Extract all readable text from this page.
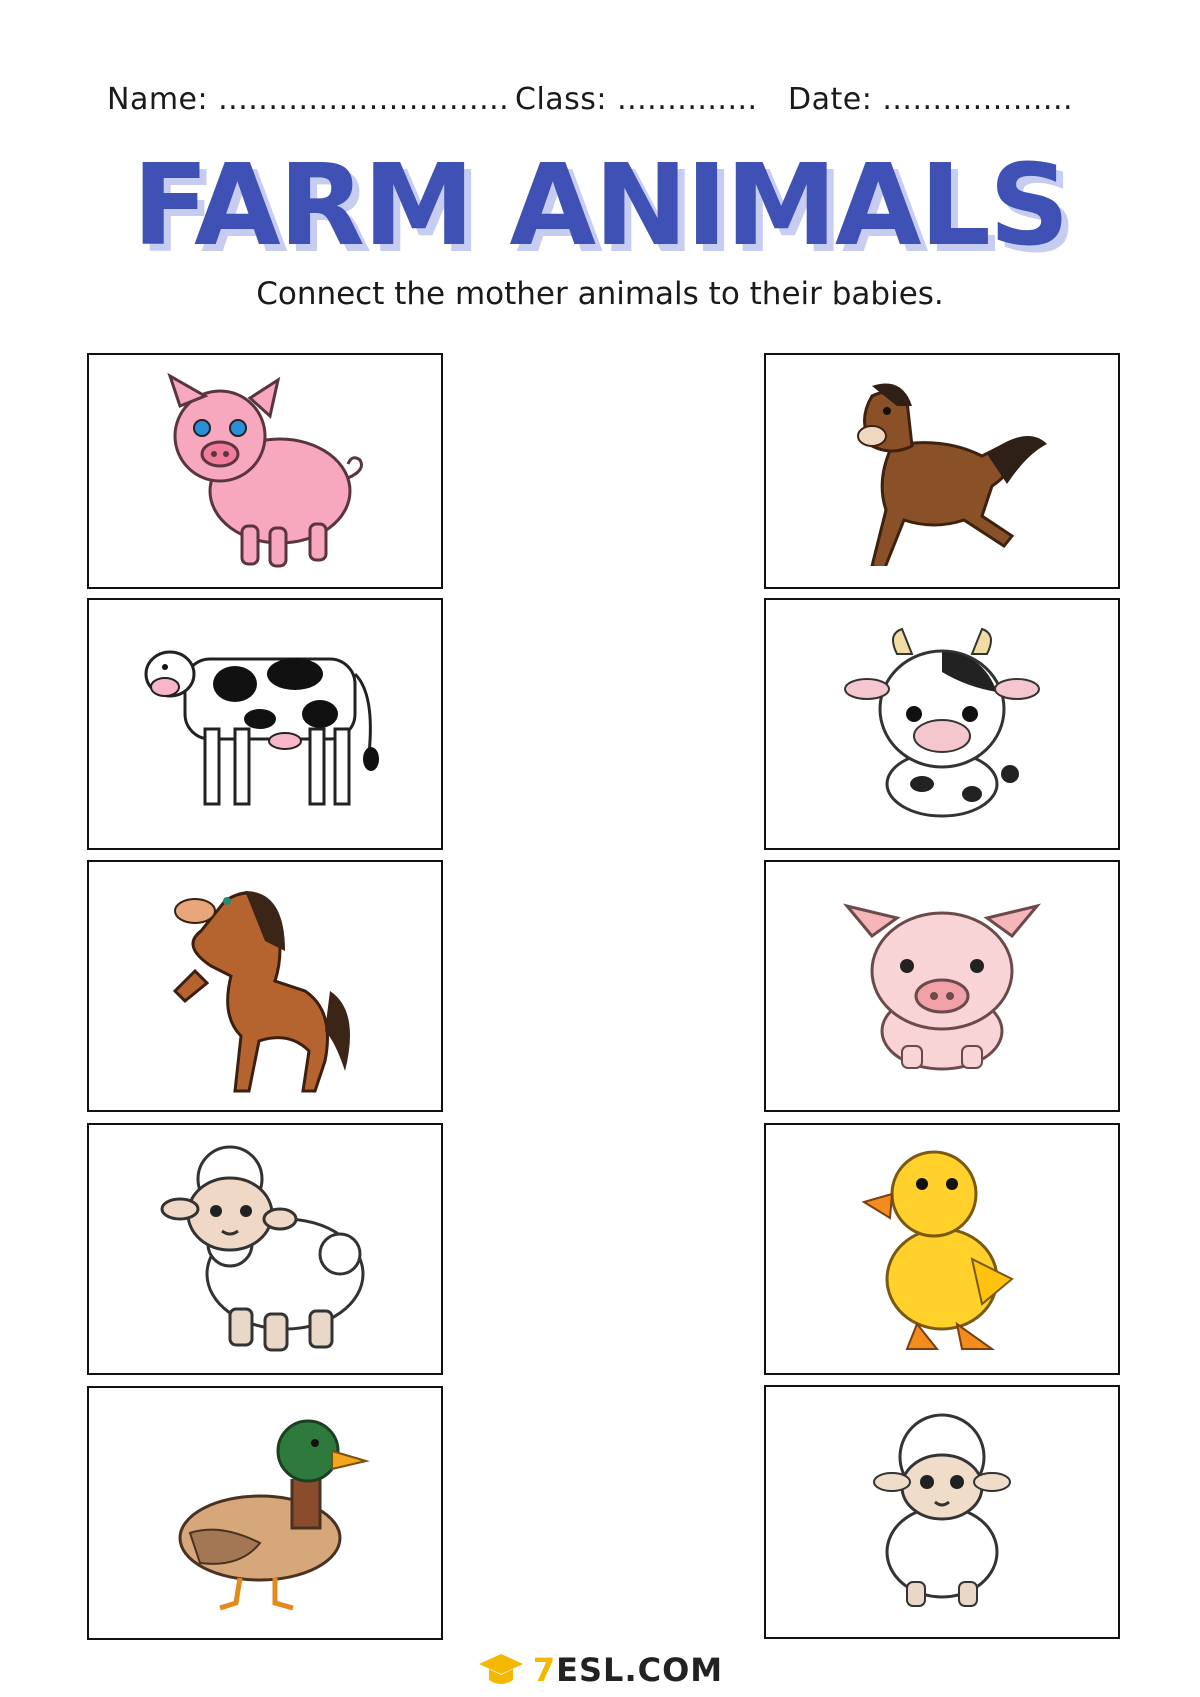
Name: ............................. Class: .............. Date: ...................
FARM ANIMALS
Connect the mother animals to their babies.
7ESL.COM
